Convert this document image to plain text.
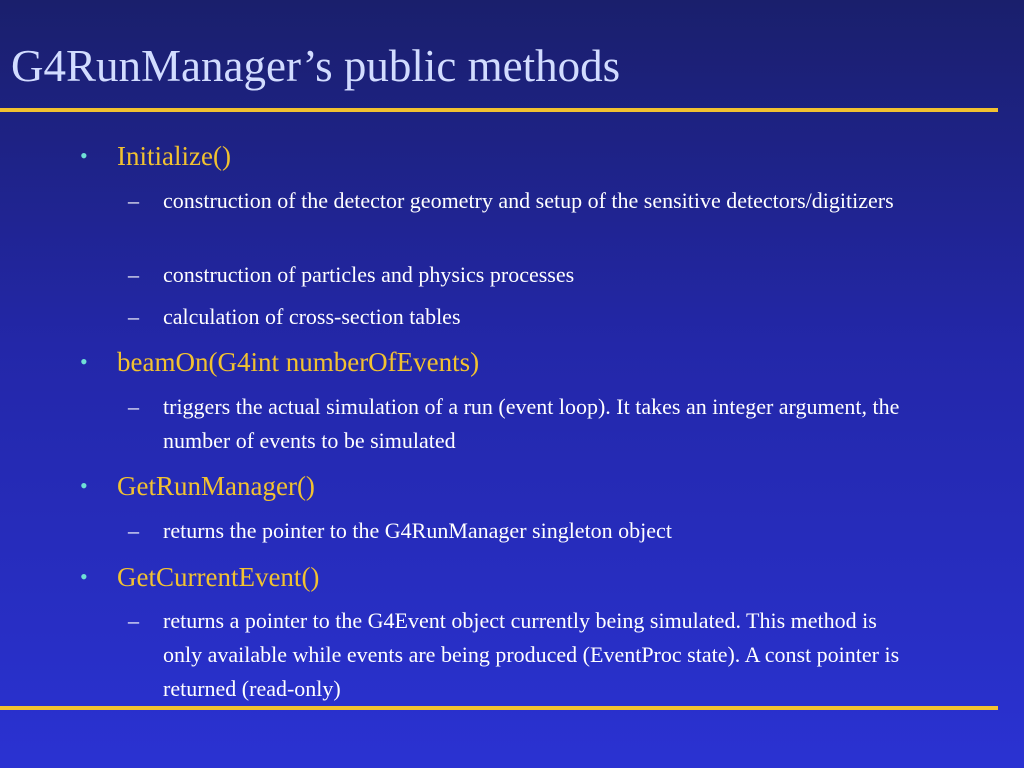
G4RunManager’s public methods
• Initialize()
– construction of the detector geometry and setup of the sensitive detectors/digitizers
– construction of particles and physics processes
– calculation of cross-section tables
• beamOn(G4int numberOfEvents)
– triggers the actual simulation of a run (event loop). It takes an integer argument, the number of events to be simulated
• GetRunManager()
– returns the pointer to the G4RunManager singleton object
• GetCurrentEvent()
– returns a pointer to the G4Event object currently being simulated. This method is only available while events are being produced (EventProc state). A const pointer is returned (read-only)
